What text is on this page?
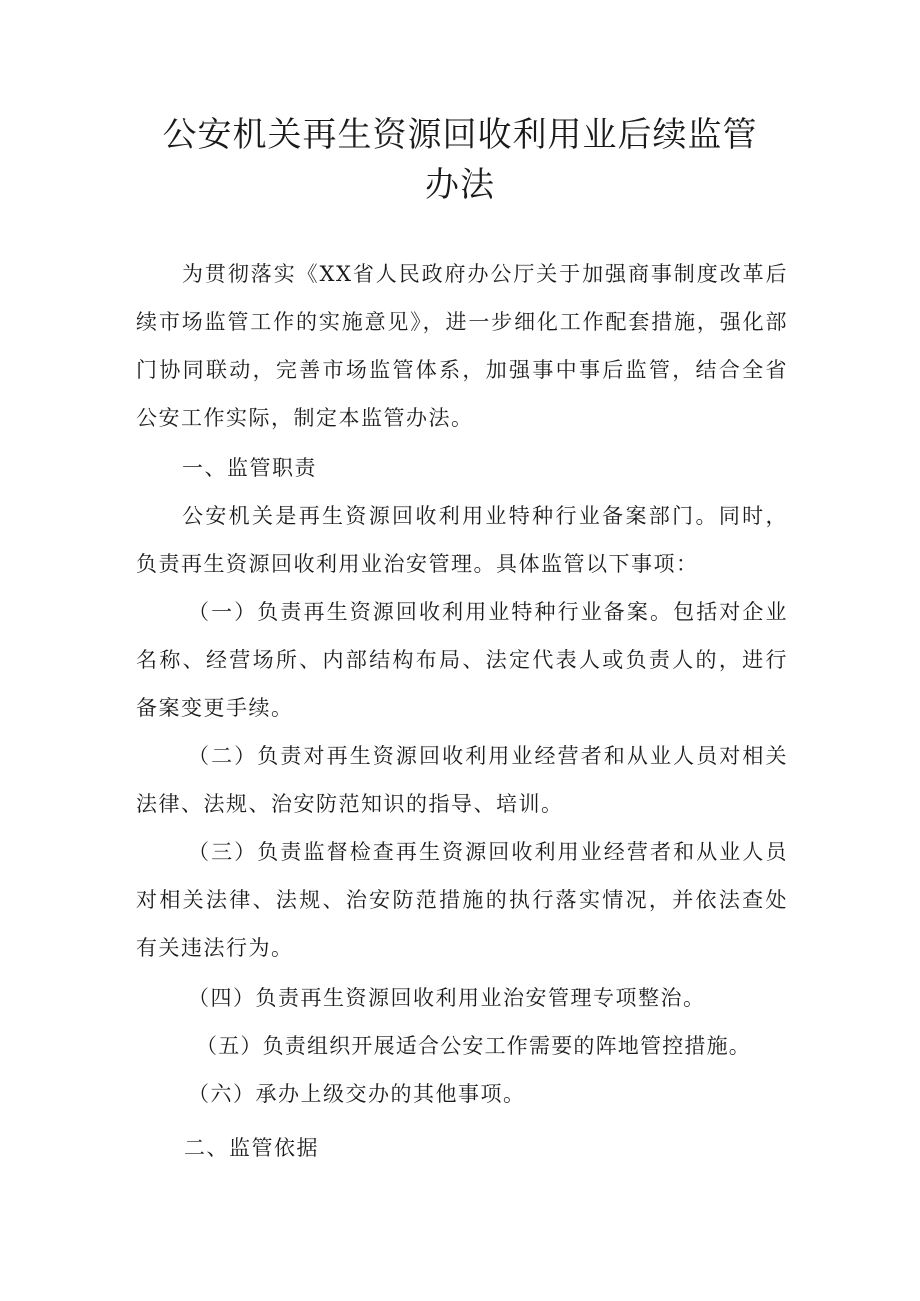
公安机关再生资源回收利用业后续监管办法

为贯彻落实《XX省人民政府办公厅关于加强商事制度改革后续市场监管工作的实施意见》，进一步细化工作配套措施，强化部门协同联动，完善市场监管体系，加强事中事后监管，结合全省公安工作实际，制定本监管办法。

一、监管职责

公安机关是再生资源回收利用业特种行业备案部门。同时，负责再生资源回收利用业治安管理。具体监管以下事项：

（一）负责再生资源回收利用业特种行业备案。包括对企业名称、经营场所、内部结构布局、法定代表人或负责人的，进行备案变更手续。

（二）负责对再生资源回收利用业经营者和从业人员对相关法律、法规、治安防范知识的指导、培训。

（三）负责监督检查再生资源回收利用业经营者和从业人员对相关法律、法规、治安防范措施的执行落实情况，并依法查处有关违法行为。

（四）负责再生资源回收利用业治安管理专项整治。

（五）负责组织开展适合公安工作需要的阵地管控措施。

（六）承办上级交办的其他事项。

二、监管依据
